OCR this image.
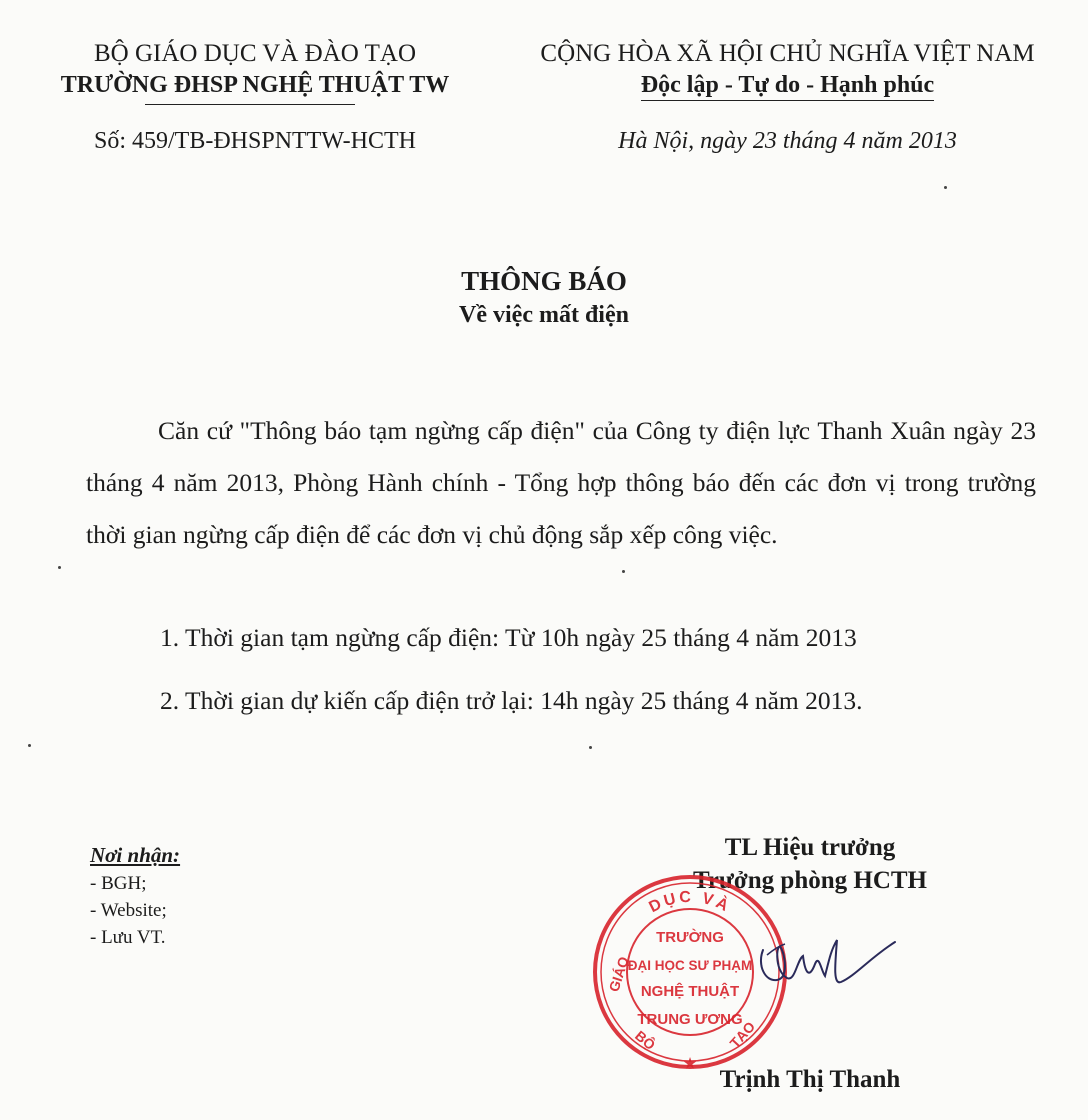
BỘ GIÁO DỤC VÀ ĐÀO TẠO
TRƯỜNG ĐHSP NGHỆ THUẬT TW
Số: 459/TB-ĐHSPNTTW-HCTH
CỘNG HÒA XÃ HỘI CHỦ NGHĨA VIỆT NAM
Độc lập - Tự do - Hạnh phúc
Hà Nội, ngày 23 tháng 4 năm 2013
THÔNG BÁO
Về việc mất điện
Căn cứ "Thông báo tạm ngừng cấp điện" của Công ty điện lực Thanh Xuân ngày 23 tháng 4 năm 2013, Phòng Hành chính - Tổng hợp thông báo đến các đơn vị trong trường thời gian ngừng cấp điện để các đơn vị chủ động sắp xếp công việc.
1. Thời gian tạm ngừng cấp điện: Từ 10h ngày 25 tháng 4 năm 2013
2. Thời gian dự kiến cấp điện trở lại: 14h ngày 25 tháng 4 năm 2013.
Nơi nhận:
- BGH;
- Website;
- Lưu VT.
TL Hiệu trưởng
Trưởng phòng HCTH
DỤC VÀ
GIÁO
BỘ	TẠO
TRƯỜNG
ĐẠI HỌC SƯ PHẠM
NGHỆ THUẬT
TRUNG ƯƠNG
★
Trịnh Thị Thanh
